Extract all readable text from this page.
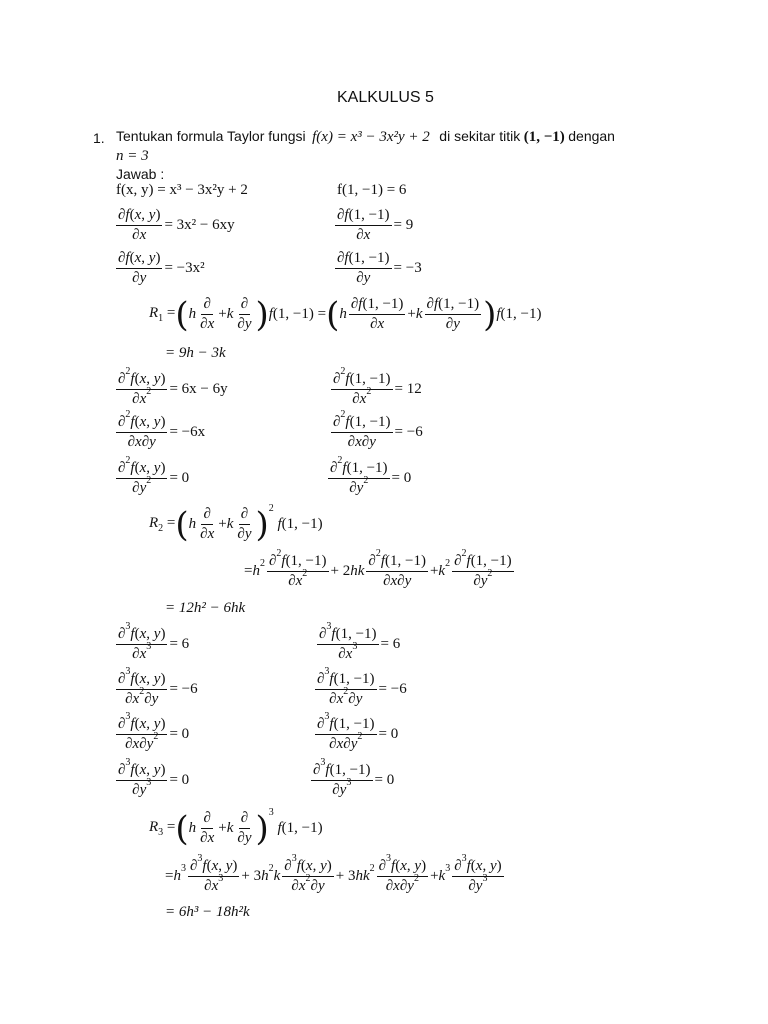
KALKULUS 5
1. Tentukan formula Taylor fungsi f(x) = x³ − 3x²y + 2 di sekitar titik (1, −1) dengan
n = 3
Jawab :
f(x, y) = x³ − 3x²y + 2	f(1, −1) = 6
$\frac{\partial f(x, y)}{\partial x} = 3x^2 - 6xy$	$\frac{\partial f(1, -1)}{\partial x} = 9$
$\frac{\partial f(x, y)}{\partial y} = -3x^2$	$\frac{\partial f(1, -1)}{\partial y} = -3$
$R_1$ = ( h $\frac{\partial}{\partial x} + k \frac{\partial}{\partial y}$ ) f (1, −1) = ( h $\frac{\partial f(1, -1)}{\partial x} + k \frac{\partial f(1, -1)}{\partial y}$ ) f (1, −1)
= 9h − 3k
$\frac{\partial^2f(x, y)}{\partial x^2} = 6x - 6y$	$\frac{\partial^2f(1, -1)}{\partial x^2} = 12$
$\frac{\partial^2f(x, y)}{\partial x\partial y} = -6x$	$\frac{\partial^2f(1, -1)}{\partial x\partial y} = -6$
$\frac{\partial^2f(x, y)}{\partial y^2} = 0$	$\frac{\partial^2f(1, -1)}{\partial y^2} = 0$
$R_2$ = ( h $\frac{\partial}{\partial x} + k \frac{\partial}{\partial y}$ ) 2

f (1, −1)
= h $2 \frac{\partial^2f(1, -1)}{\partial x^2} + 2$ hk $\frac{\partial^2f(1, -1)}{\partial x\partial y} + k$ $2 \frac{\partial^2f(1, -1)}{\partial y^2}$
= 12h² − 6hk
$\frac{\partial^3f(x, y)}{\partial x^3} = 6$	$\frac{\partial^3f(1, -1)}{\partial x^3} = 6$
$\frac{\partial^3f(x, y)}{\partial x^2\partial y} = -6$	$\frac{\partial^3f(1, -1)}{\partial x^2\partial y} = -6$
$\frac{\partial^3f(x, y)}{\partial x\partial y^2} = 0$	$\frac{\partial^3f(1, -1)}{\partial x\partial y^2} = 0$
$\frac{\partial^3f(x, y)}{\partial y^3} = 0$	$\frac{\partial^3f(1, -1)}{\partial y^3} = 0$
$R_3$ = ( h $\frac{\partial}{\partial x} + k \frac{\partial}{\partial y}$ ) 3

f (1, −1)
= h $3 \frac{\partial^3f(x, y)}{\partial x^3} + 3$ h 2 k $\frac{\partial^3f(x, y)}{\partial x^2\partial y} + 3$ hk $2 \frac{\partial^3f(x, y)}{\partial x\partial y^2} + k$ $3 \frac{\partial^3f(x, y)}{\partial y^3}$
= 6h³ − 18h²k
